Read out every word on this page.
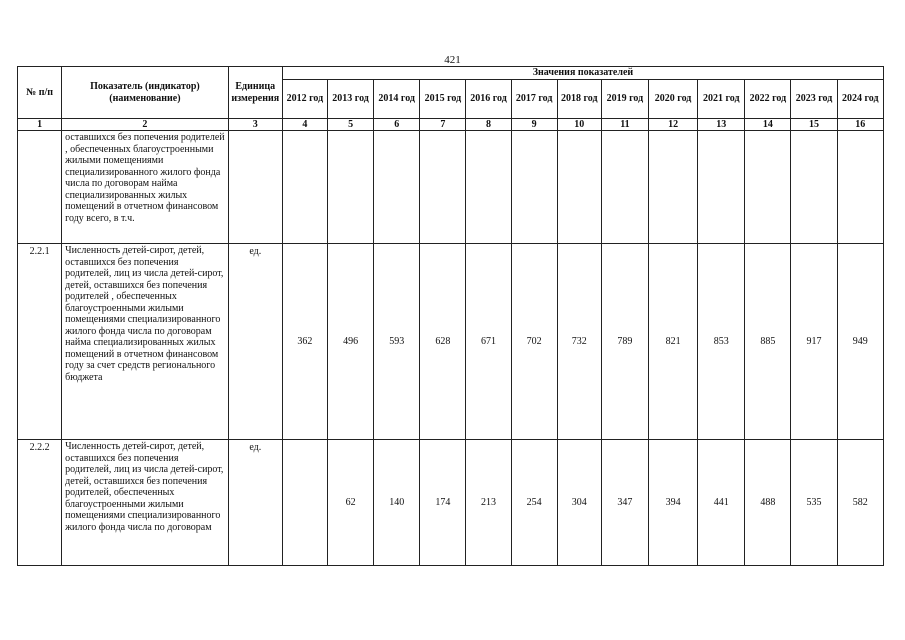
421
№ п/п	Показатель (индикатор) (наименование)	Единица измерения	Значения показателей												
			2012 год	2013 год	2014 год	2015 год	2016 год	2017 год	2018 год	2019 год	2020 год	2021 год	2022 год	2023 год	2024 год
1	2	3	4	5	6	7	8	9	10	11	12	13	14	15	16

	оставшихся без попечения родителей , обеспеченных благоустроенными жилыми помещениями специализированного жилого фонда числа по договорам найма специализированных жилых помещений в отчетном финансовом году всего, в т.ч.														

2.2.1	Численность детей-сирот, детей, оставшихся без попечения родителей, лиц из числа детей-сирот, детей, оставшихся без попечения родителей , обеспеченных благоустроенными жилыми помещениями специализированного жилого фонда числа по договорам найма специализированных жилых помещений в отчетном финансовом году за счет средств регионального бюджета	ед.	362	496	593	628	671	702	732	789	821	853	885	917	949
2.2.2	Численность детей-сирот, детей, оставшихся без попечения родителей, лиц из числа детей-сирот, детей, оставшихся без попечения родителей, обеспеченных благоустроенными жилыми помещениями специализированного жилого фонда числа по договорам	ед.		62	140	174	213	254	304	347	394	441	488	535	582
